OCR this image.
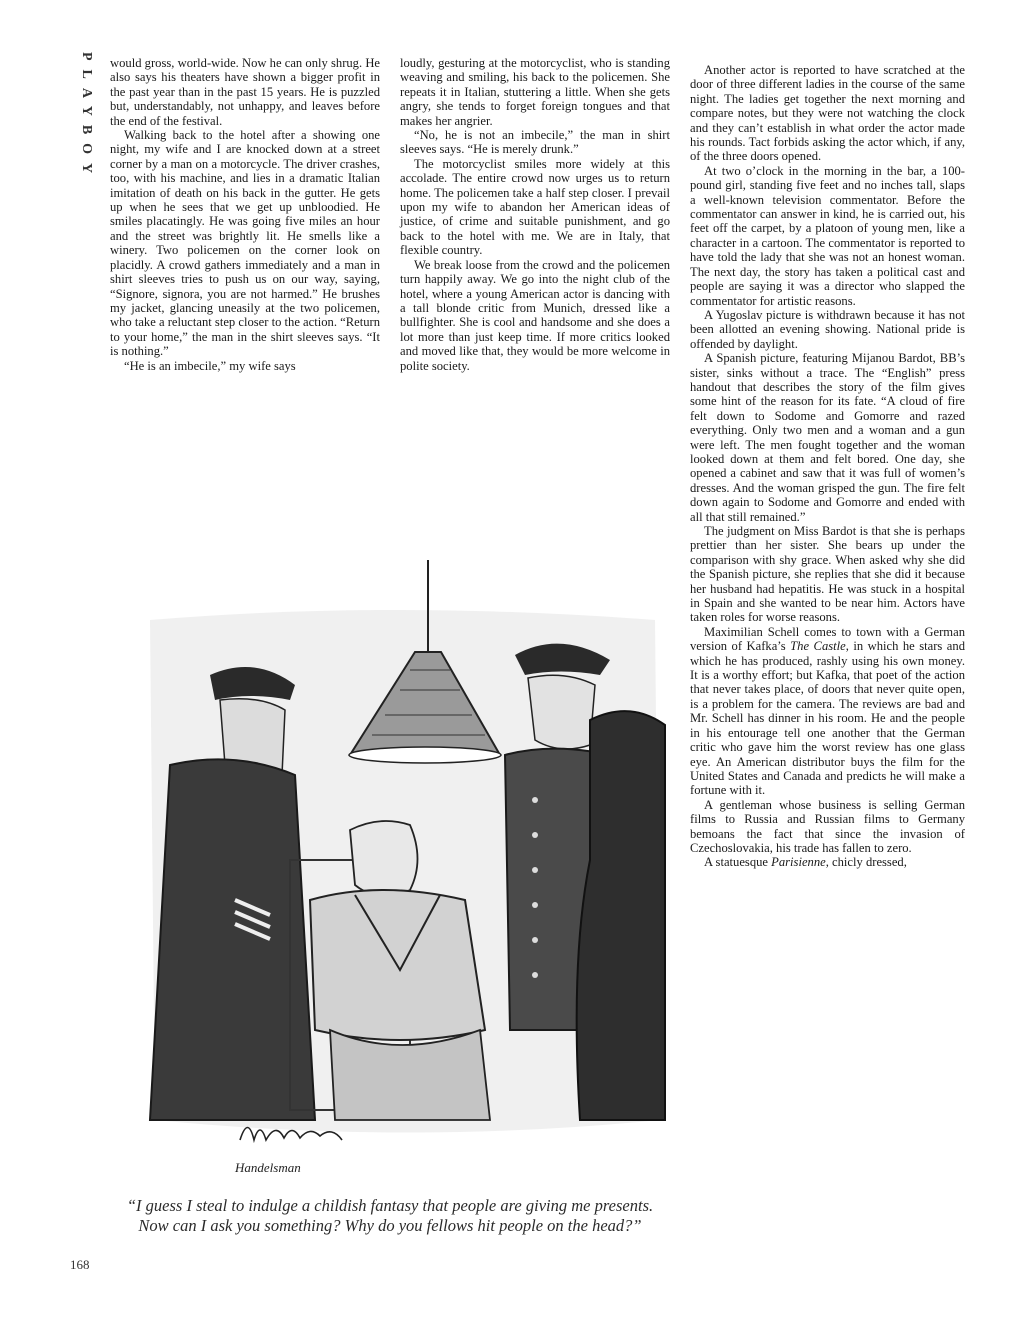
PLAYBOY would gross, world-wide. Now he can only shrug. He also says his theaters have shown a bigger profit in the past year than in the past 15 years. He is puzzled but, understandably, not unhappy, and leaves before the end of the festival.

Walking back to the hotel after a showing one night, my wife and I are knocked down at a street corner by a man on a motorcycle. The driver crashes, too, with his machine, and lies in a dramatic Italian imitation of death on his back in the gutter. He gets up when he sees that we get up unbloodied. He smiles placatingly. He was going five miles an hour and the street was brightly lit. He smells like a winery. Two policemen on the corner look on placidly. A crowd gathers immediately and a man in shirt sleeves tries to push us on our way, saying, “Signore, signora, you are not harmed.” He brushes my jacket, glancing uneasily at the two policemen, who take a reluctant step closer to the action. “Return to your home,” the man in the shirt sleeves says. “It is nothing.”

“He is an imbecile,” my wife says

loudly, gesturing at the motorcyclist, who is standing weaving and smiling, his back to the policemen. She repeats it in Italian, stuttering a little. When she gets angry, she tends to forget foreign tongues and that makes her angrier.

“No, he is not an imbecile,” the man in shirt sleeves says. “He is merely drunk.”

The motorcyclist smiles more widely at this accolade. The entire crowd now urges us to return home. The policemen take a half step closer. I prevail upon my wife to abandon her American ideas of justice, of crime and suitable punishment, and go back to the hotel with me. We are in Italy, that flexible country.

We break loose from the crowd and the policemen turn happily away. We go into the night club of the hotel, where a young American actor is dancing with a tall blonde critic from Munich, dressed like a bullfighter. She is cool and handsome and she does a lot more than just keep time. If more critics looked and moved like that, they would be more welcome in polite society.

Another actor is reported to have scratched at the door of three different ladies in the course of the same night. The ladies get together the next morning and compare notes, but they were not watching the clock and they can’t establish in what order the actor made his rounds. Tact forbids asking the actor which, if any, of the three doors opened.

At two o’clock in the morning in the bar, a 100-pound girl, standing five feet and no inches tall, slaps a well-known television commentator. Before the commentator can answer in kind, he is carried out, his feet off the carpet, by a platoon of young men, like a character in a cartoon. The commentator is reported to have told the lady that she was not an honest woman. The next day, the story has taken a political cast and people are saying it was a director who slapped the commentator for artistic reasons.

A Yugoslav picture is withdrawn because it has not been allotted an evening showing. National pride is offended by daylight.

A Spanish picture, featuring Mijanou Bardot, BB’s sister, sinks without a trace. The “English” press handout that describes the story of the film gives some hint of the reason for its fate. “A cloud of fire felt down to Sodome and Gomorre and razed everything. Only two men and a woman and a gun were left. The men fought together and the woman looked down at them and felt bored. One day, she opened a cabinet and saw that it was full of women’s dresses. And the woman grisped the gun. The fire felt down again to Sodome and Gomorre and ended with all that still remained.”

The judgment on Miss Bardot is that she is perhaps prettier than her sister. She bears up under the comparison with shy grace. When asked why she did the Spanish picture, she replies that she did it because her husband had hepatitis. He was stuck in a hospital in Spain and she wanted to be near him. Actors have taken roles for worse reasons.

Maximilian Schell comes to town with a German version of Kafka’s The Castle, in which he stars and which he has produced, rashly using his own money. It is a worthy effort; but Kafka, that poet of the action that never takes place, of doors that never quite open, is a problem for the camera. The reviews are bad and Mr. Schell has dinner in his room. He and the people in his entourage tell one another that the German critic who gave him the worst review has one glass eye. An American distributor buys the film for the United States and Canada and predicts he will make a fortune with it.

A gentleman whose business is selling German films to Russia and Russian films to Germany bemoans the fact that since the invasion of Czechoslovakia, his trade has fallen to zero.

A statuesque Parisienne, chicly dressed,

Handelsman
“I guess I steal to indulge a childish fantasy that people are giving me presents. Now can I ask you something? Why do you fellows hit people on the head?”
168
